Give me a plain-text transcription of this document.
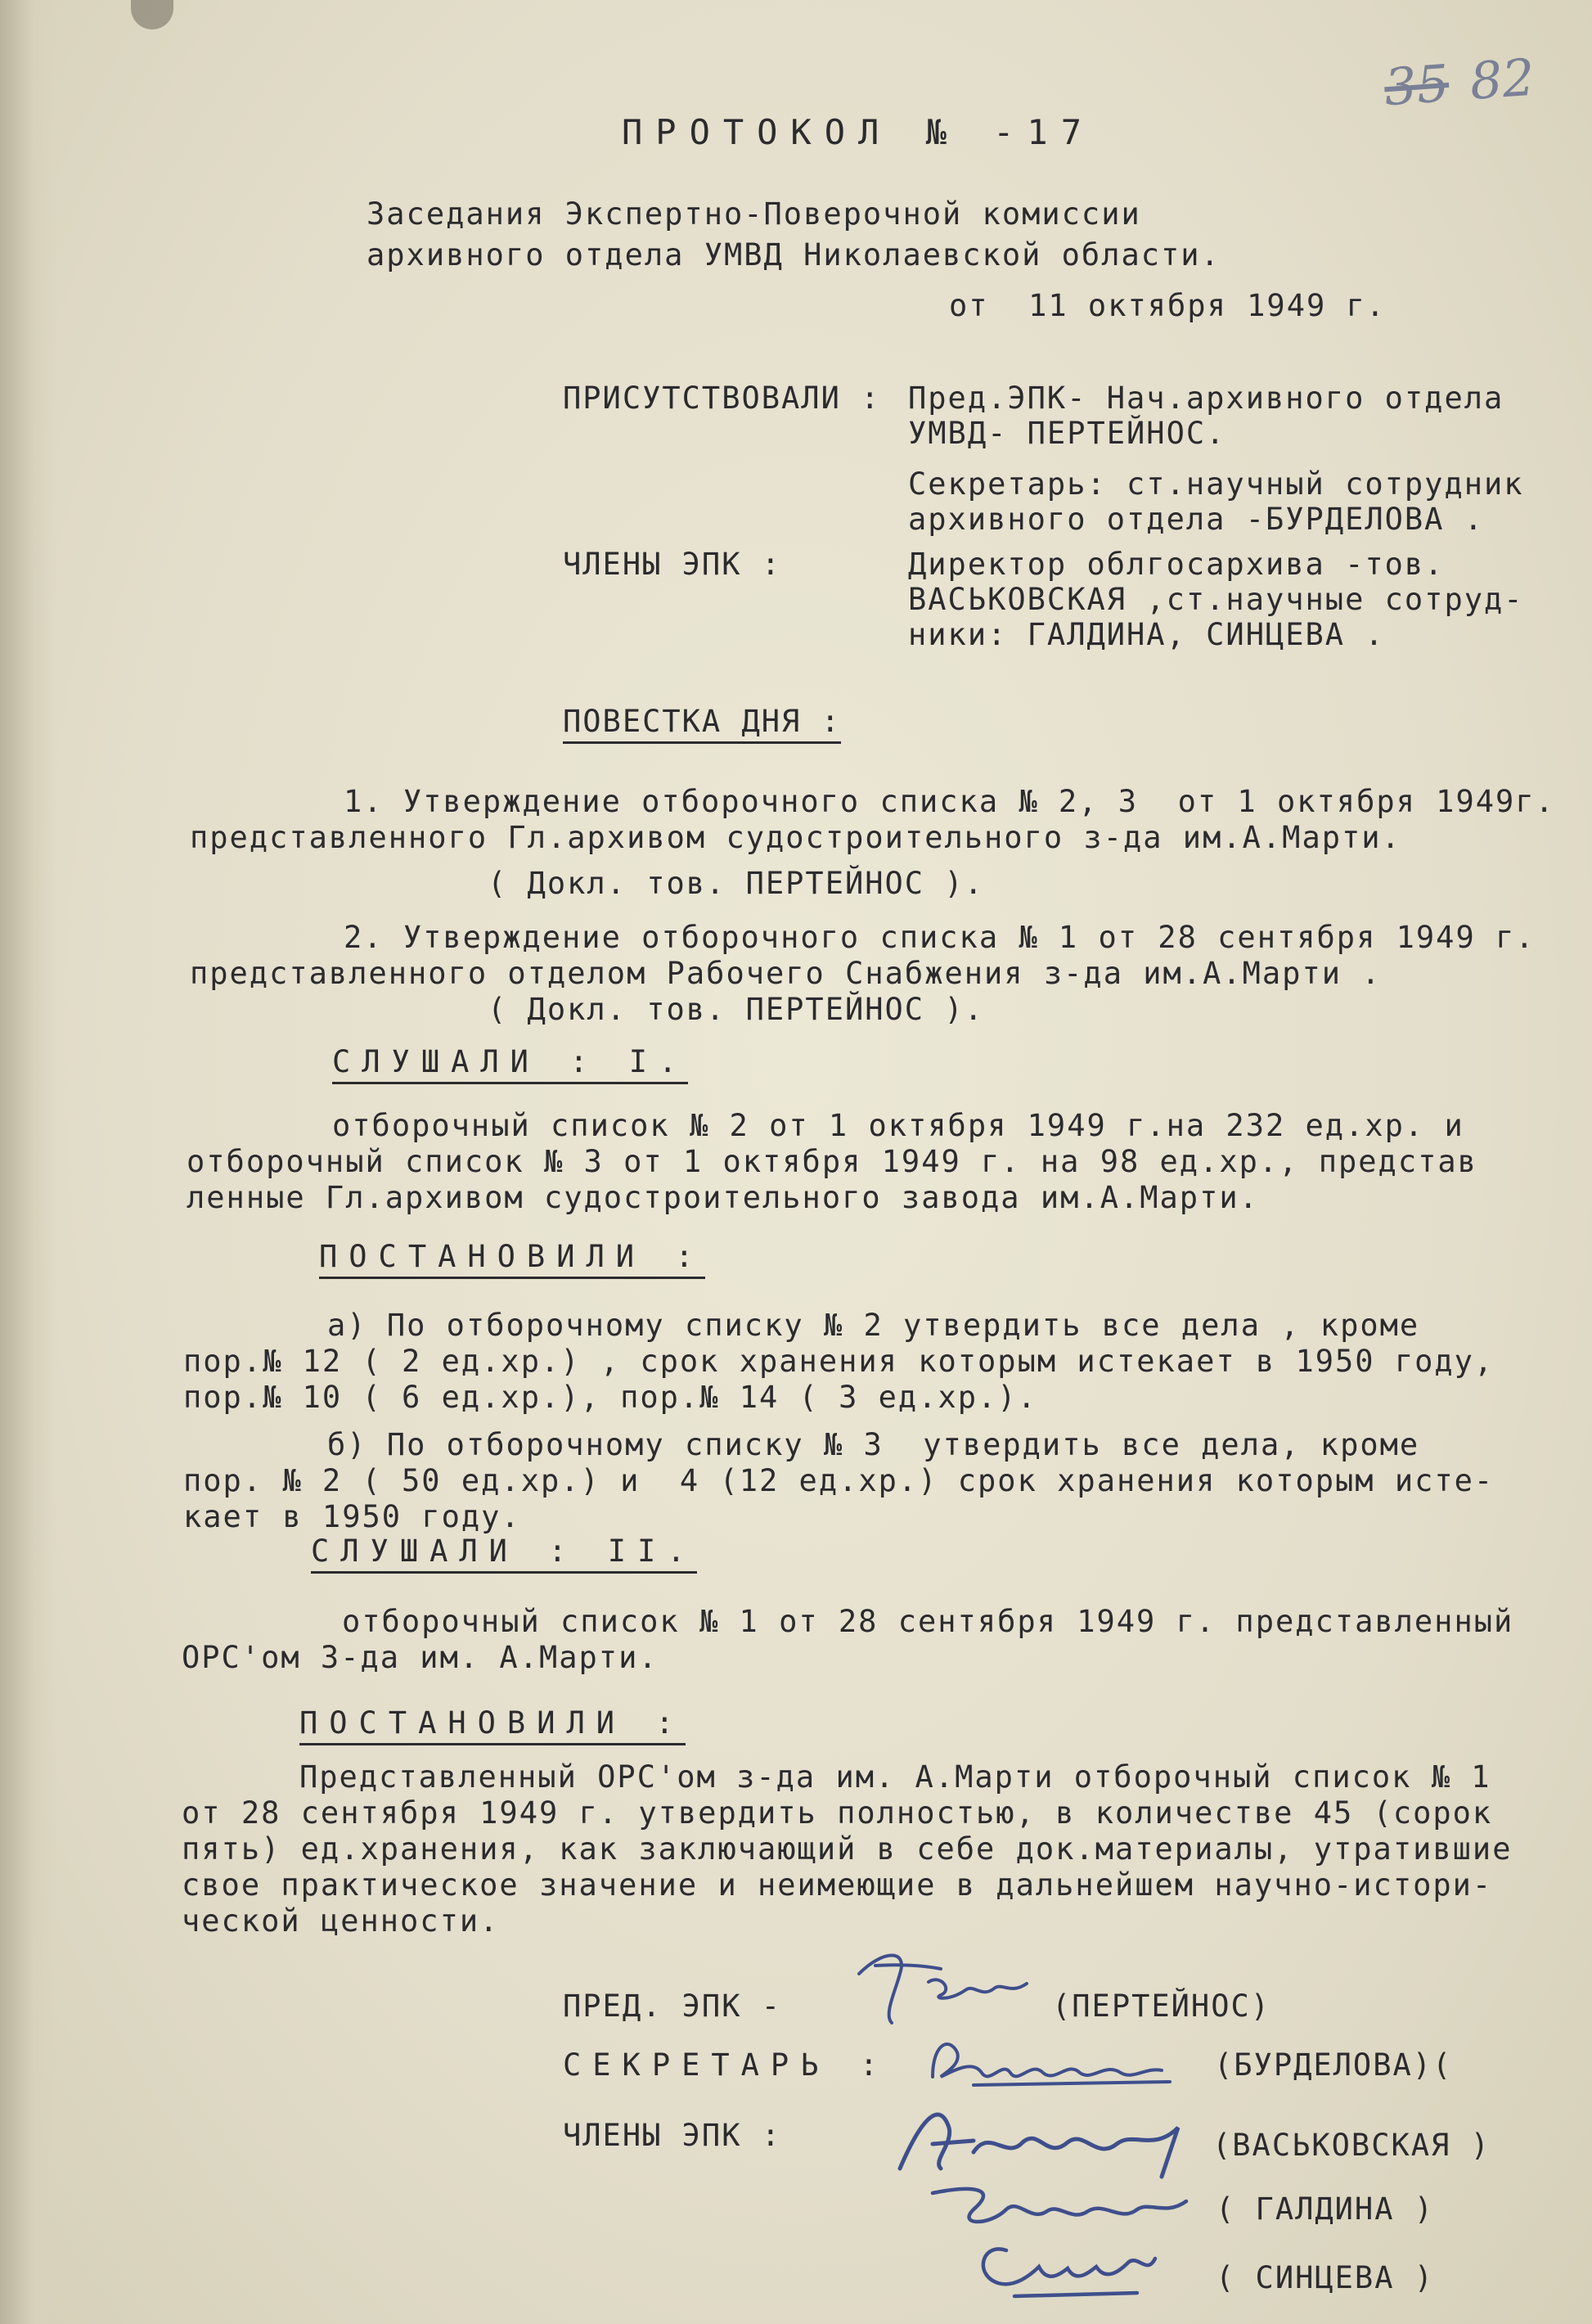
35 82
ПРОТОКОЛ № -17
Заседания Экспертно-Поверочной комиссии
архивного отдела УМВД Николаевской области.
от  11 октября 1949 г.
ПРИСУТСТВОВАЛИ : Пред.ЭПК- Нач.архивного отдела
УМВД- ПЕРТЕЙНОС.
Секретарь: ст.научный сотрудник
архивного отдела -БУРДЕЛОВА .
ЧЛЕНЫ ЭПК :	Директор облгосархива -тов.
ВАСЬКОВСКАЯ ,ст.научные сотруд-
ники: ГАЛДИНА, СИНЦЕВА .
ПОВЕСТКА ДНЯ :
1. Утверждение отборочного списка № 2, 3  от 1 октября 1949г.
представленного Гл.архивом судостроительного з-да им.А.Марти.
( Докл. тов. ПЕРТЕЙНОС ).
2. Утверждение отборочного списка № 1 от 28 сентября 1949 г.
представленного отделом Рабочего Снабжения з-да им.А.Марти .
( Докл. тов. ПЕРТЕЙНОС ).
СЛУШАЛИ : I.
отборочный список № 2 от 1 октября 1949 г.на 232 ед.хр. и
отборочный список № 3 от 1 октября 1949 г. на 98 ед.хр., представ
ленные Гл.архивом судостроительного завода им.А.Марти.
ПОСТАНОВИЛИ :
а) По отборочному списку № 2 утвердить все дела , кроме
пор.№ 12 ( 2 ед.хр.) , срок хранения которым истекает в 1950 году,
пор.№ 10 ( 6 ед.хр.), пор.№ 14 ( 3 ед.хр.).
б) По отборочному списку № 3  утвердить все дела, кроме
пор. № 2 ( 50 ед.хр.) и  4 (12 ед.хр.) срок хранения которым исте-
кает в 1950 году.
СЛУШАЛИ : II.
отборочный список № 1 от 28 сентября 1949 г. представленный
ОРС'ом З-да им. А.Марти.
ПОСТАНОВИЛИ :
Представленный ОРС'ом з-да им. А.Марти отборочный список № 1
от 28 сентября 1949 г. утвердить полностью, в количестве 45 (сорок
пять) ед.хранения, как заключающий в себе док.материалы, утратившие
свое практическое значение и неимеющие в дальнейшем научно-истори-
ческой ценности.
ПРЕД. ЭПК -	(ПЕРТЕЙНОС)
СЕКРЕТАРЬ :	(БУРДЕЛОВА)(
ЧЛЕНЫ ЭПК :	(ВАСЬКОВСКАЯ )
( ГАЛДИНА )
( СИНЦЕВА )
